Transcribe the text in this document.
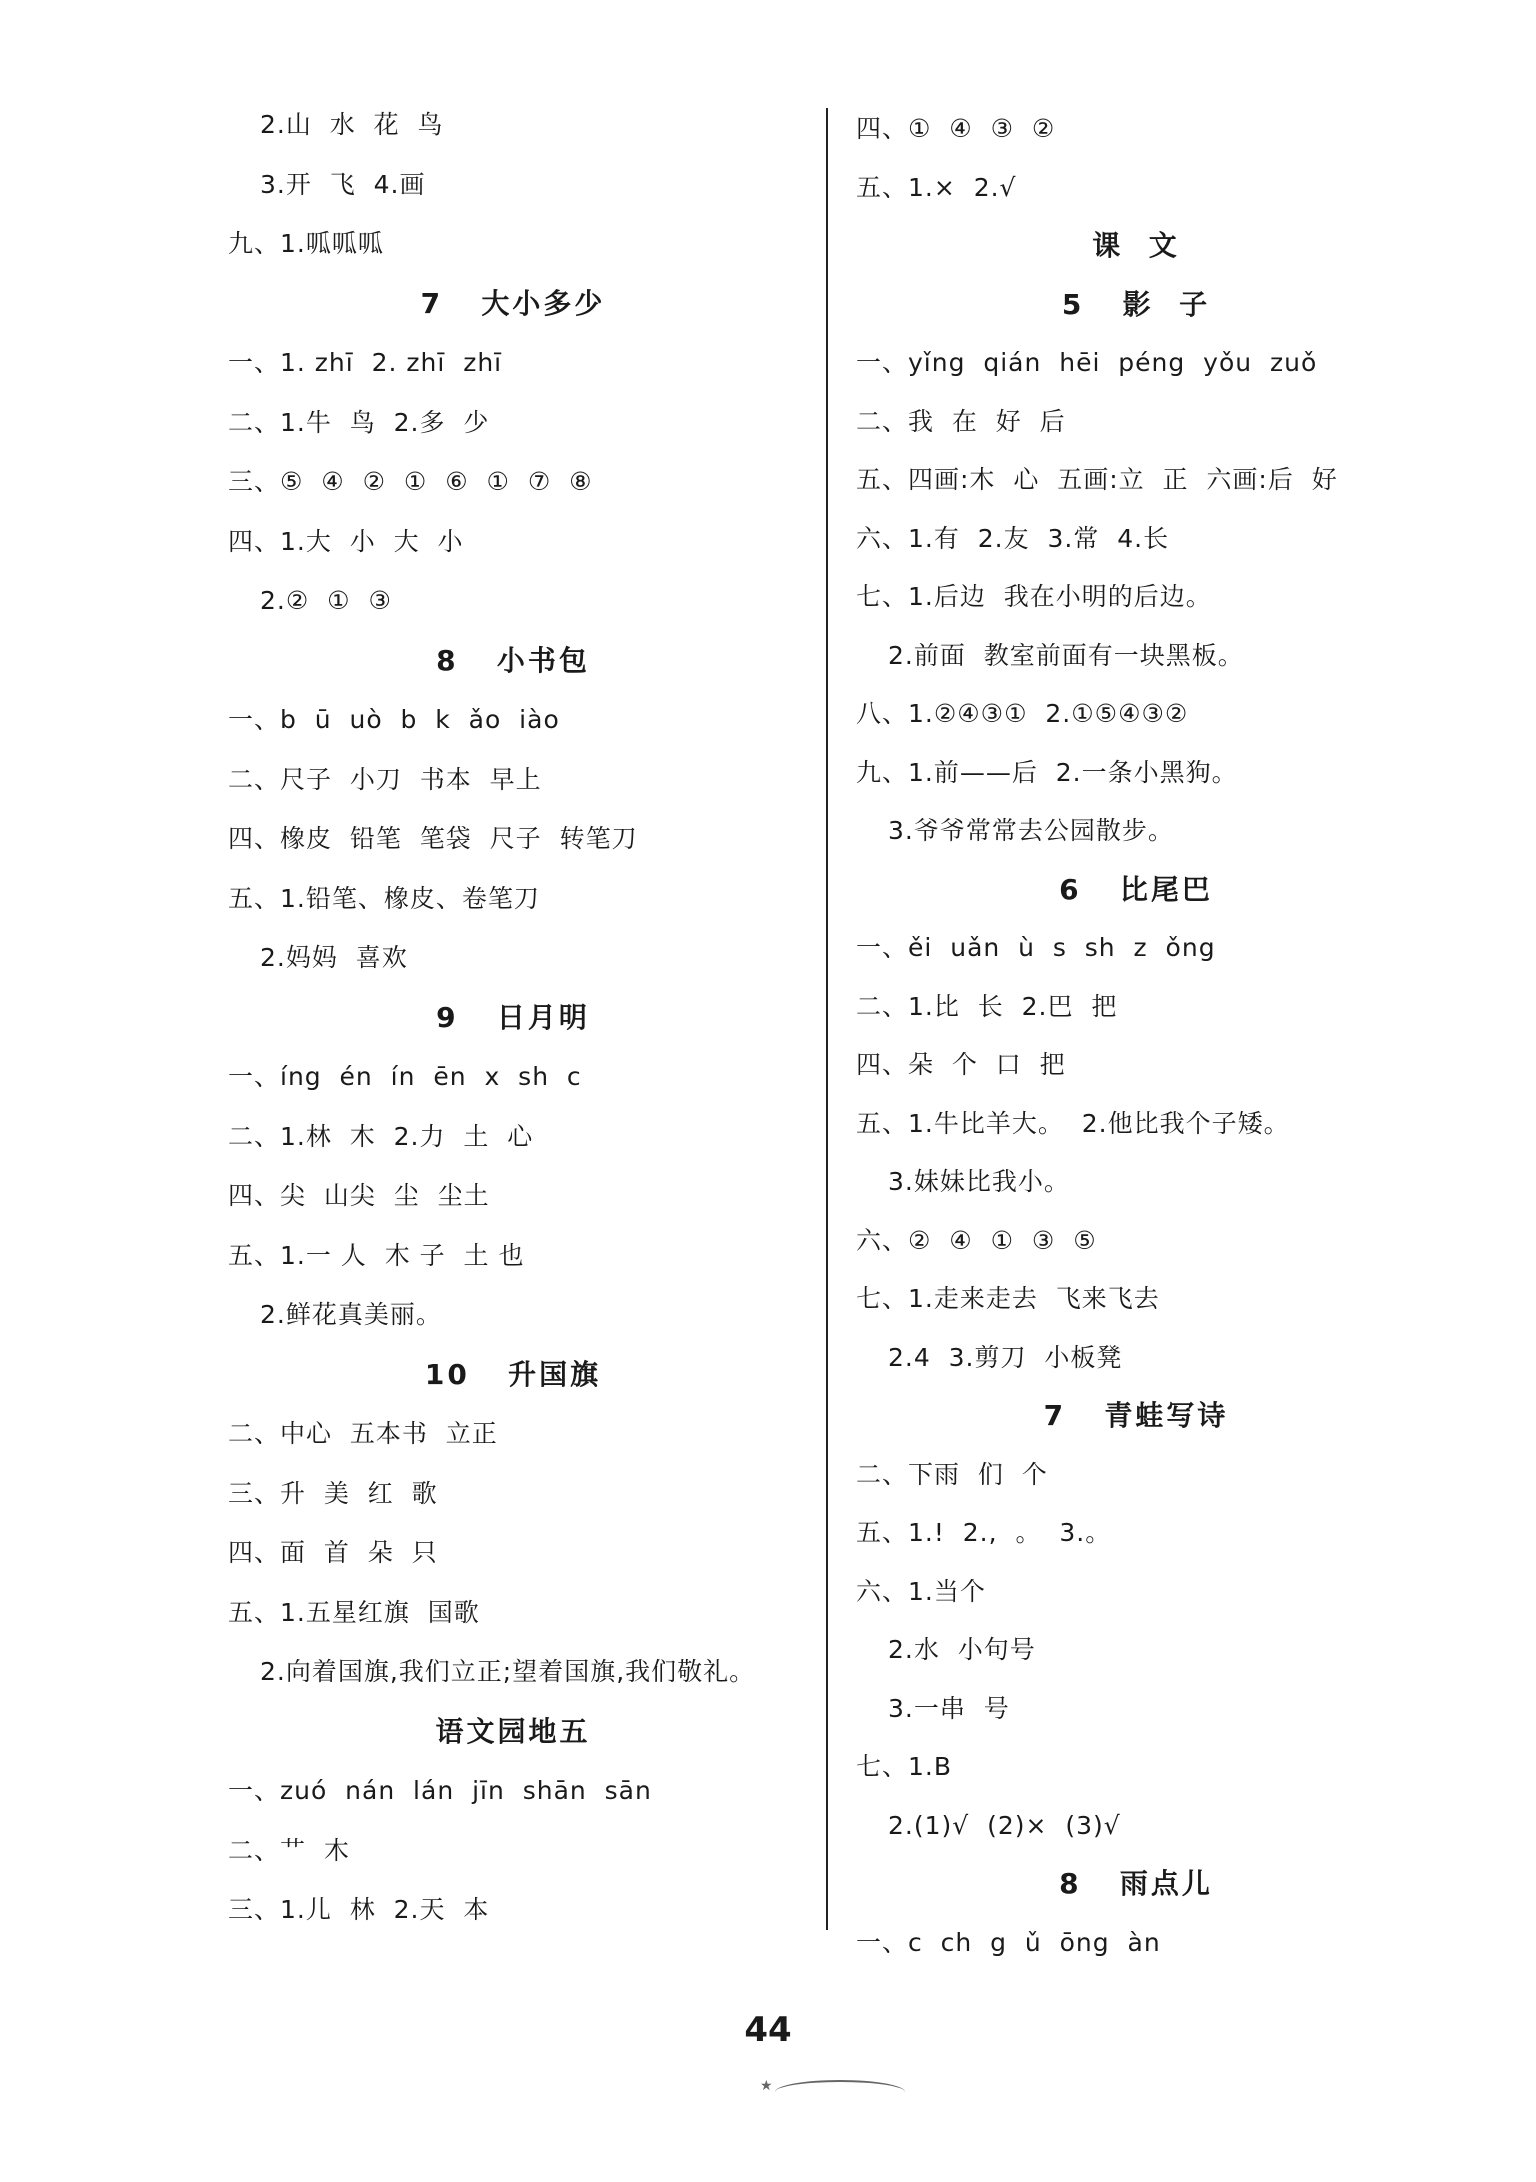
2.山  水  花  鸟
3.开  飞  4.画
九、1.呱呱呱
7   大小多少
一、1. zhī  2. zhī  zhī
二、1.牛  鸟  2.多  少
三、⑤  ④  ②  ①  ⑥  ①  ⑦  ⑧
四、1.大  小  大  小
2.②  ①  ③
8   小书包
一、b  ū  uò  b  k  ǎo  iào
二、尺子  小刀  书本  早上
四、橡皮  铅笔  笔袋  尺子  转笔刀
五、1.铅笔、橡皮、卷笔刀
2.妈妈  喜欢
9   日月明
一、íng  én  ín  ēn  x  sh  c
二、1.林  木  2.力  土  心
四、尖  山尖  尘  尘土
五、1.一 人  木 子  土 也
2.鲜花真美丽。
10   升国旗
二、中心  五本书  立正
三、升  美  红  歌
四、面  首  朵  只
五、1.五星红旗  国歌
2.向着国旗,我们立正;望着国旗,我们敬礼。
语文园地五
一、zuó  nán  lán  jīn  shān  sān
二、艹  木
三、1.儿  林  2.天  本
四、①  ④  ③  ②
五、1.×  2.√
课  文
5   影  子
一、yǐng  qián  hēi  péng  yǒu  zuǒ
二、我  在  好  后
五、四画:木  心  五画:立  正  六画:后  好
六、1.有  2.友  3.常  4.长
七、1.后边  我在小明的后边。
2.前面  教室前面有一块黑板。
八、1.②④③①  2.①⑤④③②
九、1.前——后  2.一条小黑狗。
3.爷爷常常去公园散步。
6   比尾巴
一、ěi  uǎn  ù  s  sh  z  ǒng
二、1.比  长  2.巴  把
四、朵  个  口  把
五、1.牛比羊大。  2.他比我个子矮。
3.妹妹比我小。
六、②  ④  ①  ③  ⑤
七、1.走来走去  飞来飞去
2.4  3.剪刀  小板凳
7   青蛙写诗
二、下雨  们  个
五、1.!  2.,  。  3.。
六、1.当个
2.水  小句号
3.一串  号
七、1.B
2.(1)√  (2)×  (3)√
8   雨点儿
一、c  ch  g  ǔ  ōng  àn
44
★
